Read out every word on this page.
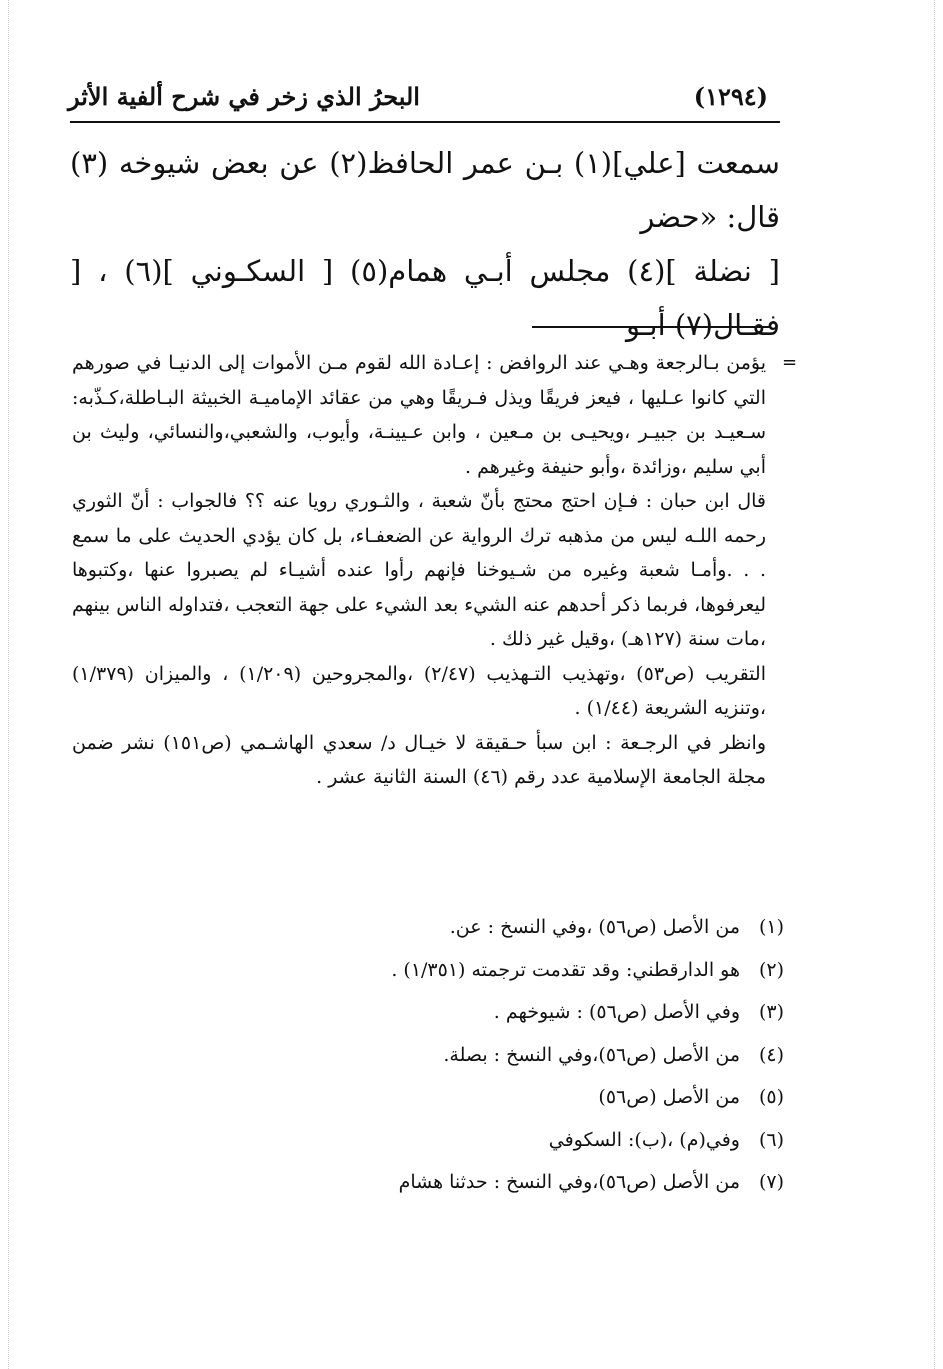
(١٢٩٤)
البحرُ الذي زخر في شرح ألفية الأثر

سمعت [علي](١) بـن عمر الحافظ(٢) عن بعض شيوخه (٣) قال: «حضر

[ نضلة ](٤) مجلس أبـي همام(٥) [ السكـوني ](٦) ، [ فقـال(٧) أبـو

=

يؤمن بـالرجعة وهـي عند الروافض : إعـادة الله لقوم مـن الأموات إلى الدنيـا في صورهم التي كانوا عـليها ، فيعز فريقًا ويذل فـريقًا وهي من عقائد الإماميـة الخبيثة البـاطلة،كـذّبه: سـعيـد بن جبيـر ،ويحيـى بن مـعين ، وابن عـيينـة، وأيوب، والشعبي،والنسائي، وليث بن أبي سليم ،وزائدة ،وأبو حنيفة وغيرهم .

قال ابن حبان : فـإن احتج محتج بأنّ شعبة ، والثـوري رويا عنه ؟؟ فالجواب : أنّ الثوري رحمه اللـه ليس من مذهبه ترك الرواية عن الضعفـاء، بل كان يؤدي الحديث على ما سمع . . .وأمـا شعبة وغيره من شـيوخنا فإنهم رأوا عنده أشيـاء لم يصبروا عنها ،وكتبوها ليعرفوها، فربما ذكر أحدهم عنه الشيء بعد الشيء على جهة التعجب ،فتداوله الناس بينهم ،مات سنة (١٢٧هـ) ،وقيل غير ذلك .

التقريب (ص٥٣) ،وتهذيب التـهذيب (٢/٤٧) ،والمجروحين (١/٢٠٩) ، والميزان (١/٣٧٩) ،وتنزيه الشريعة (١/٤٤) .

وانظر في الرجـعة : ابن سبأ حـقيقة لا خيـال د/ سعدي الهاشـمي (ص١٥١) نشر ضمن مجلة الجامعة الإسلامية عدد رقم (٤٦) السنة الثانية عشر .

(١)
من الأصل (ص٥٦) ،وفي النسخ : عن.
(٢)
هو الدارقطني: وقد تقدمت ترجمته (١/٣٥١) .
(٣)
وفي الأصل (ص٥٦) : شيوخهم .
(٤)
من الأصل (ص٥٦)،وفي النسخ : بصلة.
(٥)
من الأصل (ص٥٦)
(٦)
وفي(م) ،(ب): السكوفي
(٧)
من الأصل (ص٥٦)،وفي النسخ : حدثنا هشام
